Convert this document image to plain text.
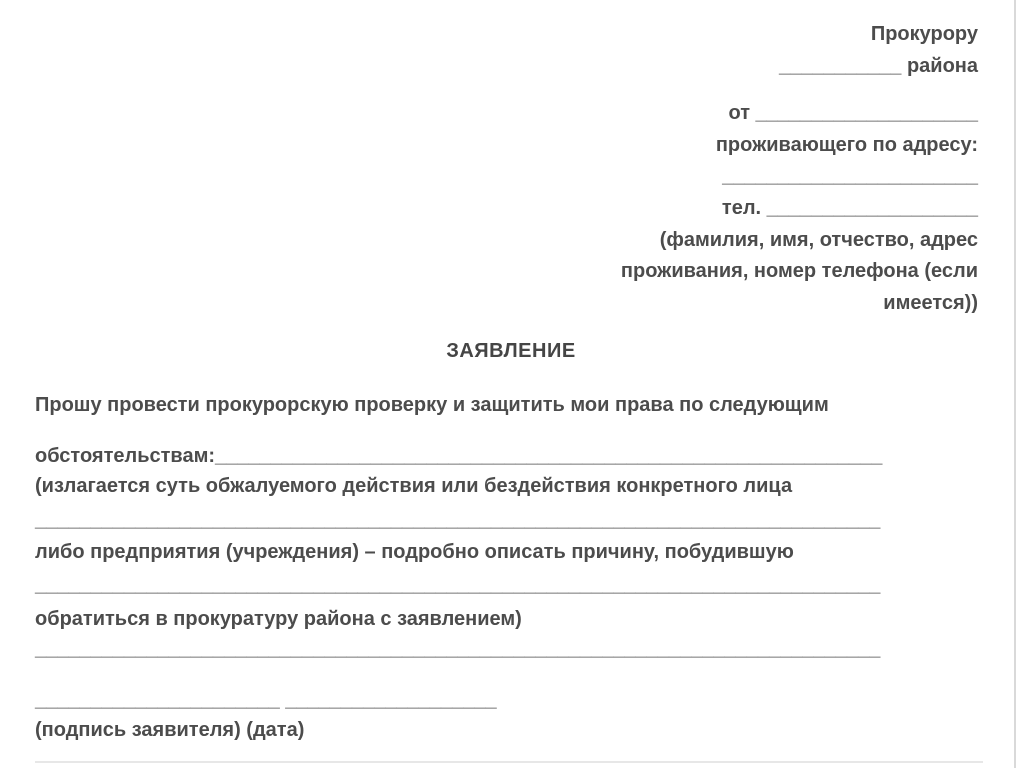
Прокурору
___________ района
от ____________________
проживающего по адресу:
_______________________
тел. ___________________
(фамилия, имя, отчество, адрес
проживания, номер телефона (если
имеется))
ЗАЯВЛЕНИЕ
Прошу провести прокурорскую проверку и защитить мои права по следующим
обстоятельствам:____________________________________________________________
(излагается суть обжалуемого действия или бездействия конкретного лица
____________________________________________________________________________
либо предприятия (учреждения) – подробно описать причину, побудившую
____________________________________________________________________________
обратиться в прокуратуру района с заявлением)
____________________________________________________________________________
______________________ ___________________
(подпись заявителя) (дата)
